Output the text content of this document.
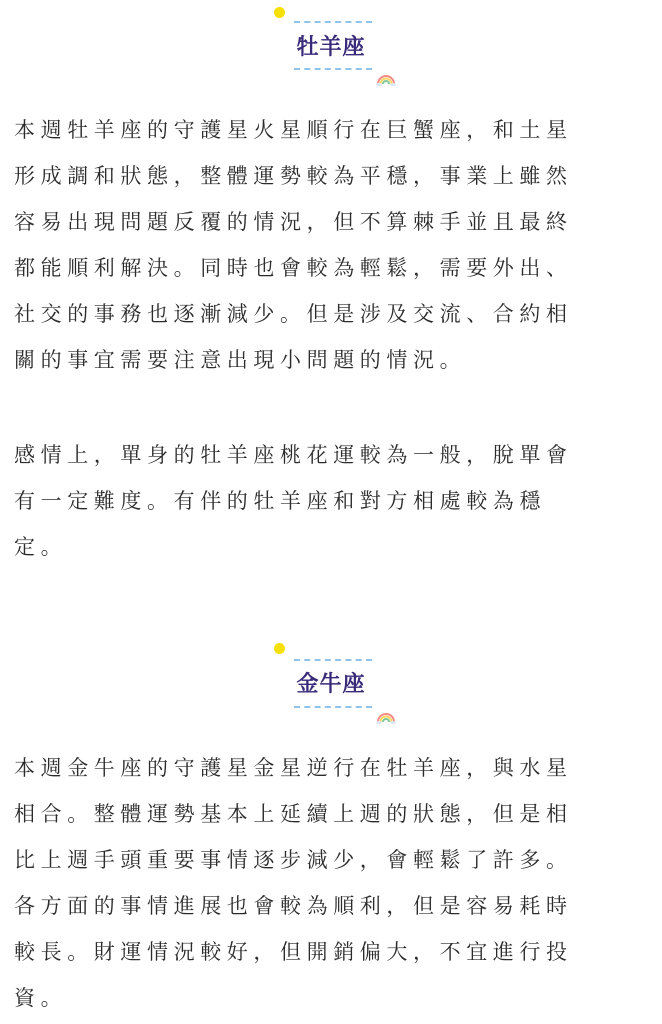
牡羊座

本週牡羊座的守護星火星順行在巨蟹座，和土星
形成調和狀態，整體運勢較為平穩，事業上雖然
容易出現問題反覆的情況，但不算棘手並且最終
都能順利解決。同時也會較為輕鬆，需要外出、
社交的事務也逐漸減少。但是涉及交流、合約相
關的事宜需要注意出現小問題的情況。

感情上，單身的牡羊座桃花運較為一般，脫單會
有一定難度。有伴的牡羊座和對方相處較為穩
定。

金牛座

本週金牛座的守護星金星逆行在牡羊座，與水星
相合。整體運勢基本上延續上週的狀態，但是相
比上週手頭重要事情逐步減少，會輕鬆了許多。
各方面的事情進展也會較為順利，但是容易耗時
較長。財運情況較好，但開銷偏大，不宜進行投
資。
